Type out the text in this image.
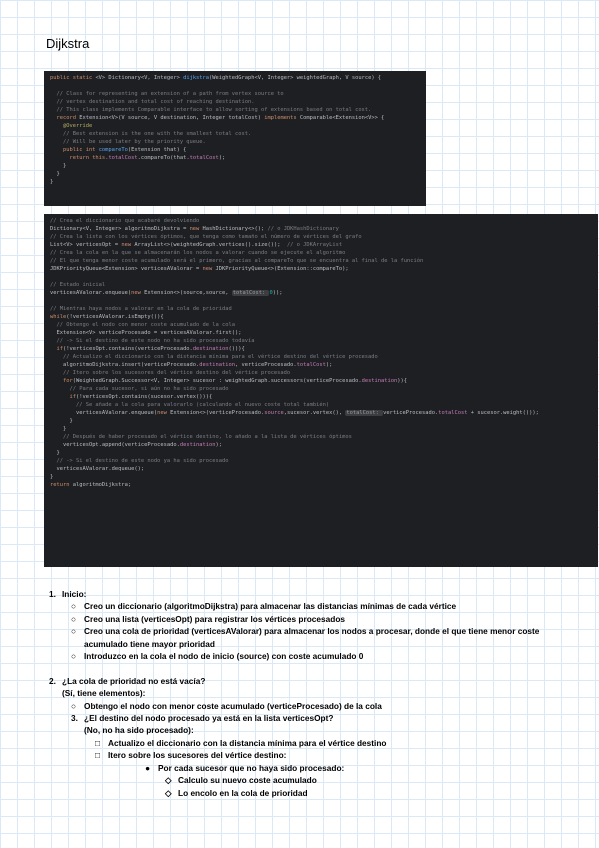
Dijkstra
public static <V> Dictionary<V, Integer> dijkstra(WeightedGraph<V, Integer> weightedGraph, V source) {
// Class for representing an extension of a path from vertex source to
// vertex destination and total cost of reaching destination.
// This class implements Comparable interface to allow sorting of extensions based on total cost.
record Extension<V>(V source, V destination, Integer totalCost) implements Comparable<Extension<V>> {
@Override
// Best extension is the one with the smallest total cost.
// Will be used later by the priority queue.
public int compareTo(Extension that) {
return this.totalCost.compareTo(that.totalCost);
}
}
}
// Crea el diccionario que acabaré devolviendo
Dictionary<V, Integer> algoritmoDijkstra = new HashDictionary<>(); // o JDKHashDictionary
// Crea la lista con los vértices óptimos, que tenga como tamaño el número de vértices del grafo
List<V> verticesOpt = new ArrayList<>(weightedGraph.vertices().size());  // o JDKArrayList
// Crea la cola en la que se almacenarán los nodos a valorar cuando se ejecute el algoritmo
// El que tenga menor coste acumulado será el primero, gracias al compareTo que se encuentra al final de la función
JDKPriorityQueue<Extension> verticesAValorar = new JDKPriorityQueue<>(Extension::compareTo);
// Estado inicial
verticesAValorar.enqueue(new Extension<>(source,source, totalCost: 0));
// Mientras haya nodos a valorar en la cola de prioridad
while(!verticesAValorar.isEmpty()){
// Obtengo el nodo con menor coste acumulado de la cola
Extension<V> verticeProcesado = verticesAValorar.first();
// -> Si el destino de este nodo no ha sido procesado todavía
if(!verticesOpt.contains(verticeProcesado.destination())){
// Actualizo el diccionario con la distancia mínima para el vértice destino del vértice procesado
algoritmoDijkstra.insert(verticeProcesado.destination, verticeProcesado.totalCost);
// Itero sobre los sucesores del vértice destino del vértice procesado
for(WeightedGraph.Successor<V, Integer> sucesor : weightedGraph.successors(verticeProcesado.destination)){
// Para cada sucesor, si aún no ha sido procesado
if(!verticesOpt.contains(sucesor.vertex())){
// Se añade a la cola para valorarlo (calculando el nuevo coste total también)
verticesAValorar.enqueue(new Extension<>(verticeProcesado.source,sucesor.vertex(), totalCost: verticeProcesado.totalCost + sucesor.weight()));
}
}
// Después de haber procesado el vértice destino, lo añado a la lista de vértices óptimos
verticesOpt.append(verticeProcesado.destination);
}
// -> Si el destino de este nodo ya ha sido procesado
verticesAValorar.dequeue();
}
return algoritmoDijkstra;
1. Inicio:
○ Creo un diccionario (algoritmoDijkstra) para almacenar las distancias mínimas de cada vértice
○ Creo una lista (verticesOpt) para registrar los vértices procesados
○ Creo una cola de prioridad (verticesAValorar) para almacenar los nodos a procesar, donde el que tiene menor coste acumulado tiene mayor prioridad
○ Introduzco en la cola el nodo de inicio (source) con coste acumulado 0

2. ¿La cola de prioridad no está vacía?
(Sí, tiene elementos):
○ Obtengo el nodo con menor coste acumulado (verticeProcesado) de la cola
3. ¿El destino del nodo procesado ya está en la lista verticesOpt?
(No, no ha sido procesado):
□ Actualizo el diccionario con la distancia mínima para el vértice destino
□ Itero sobre los sucesores del vértice destino:
● Por cada sucesor que no haya sido procesado:
◇ Calculo su nuevo coste acumulado
◇ Lo encolo en la cola de prioridad
